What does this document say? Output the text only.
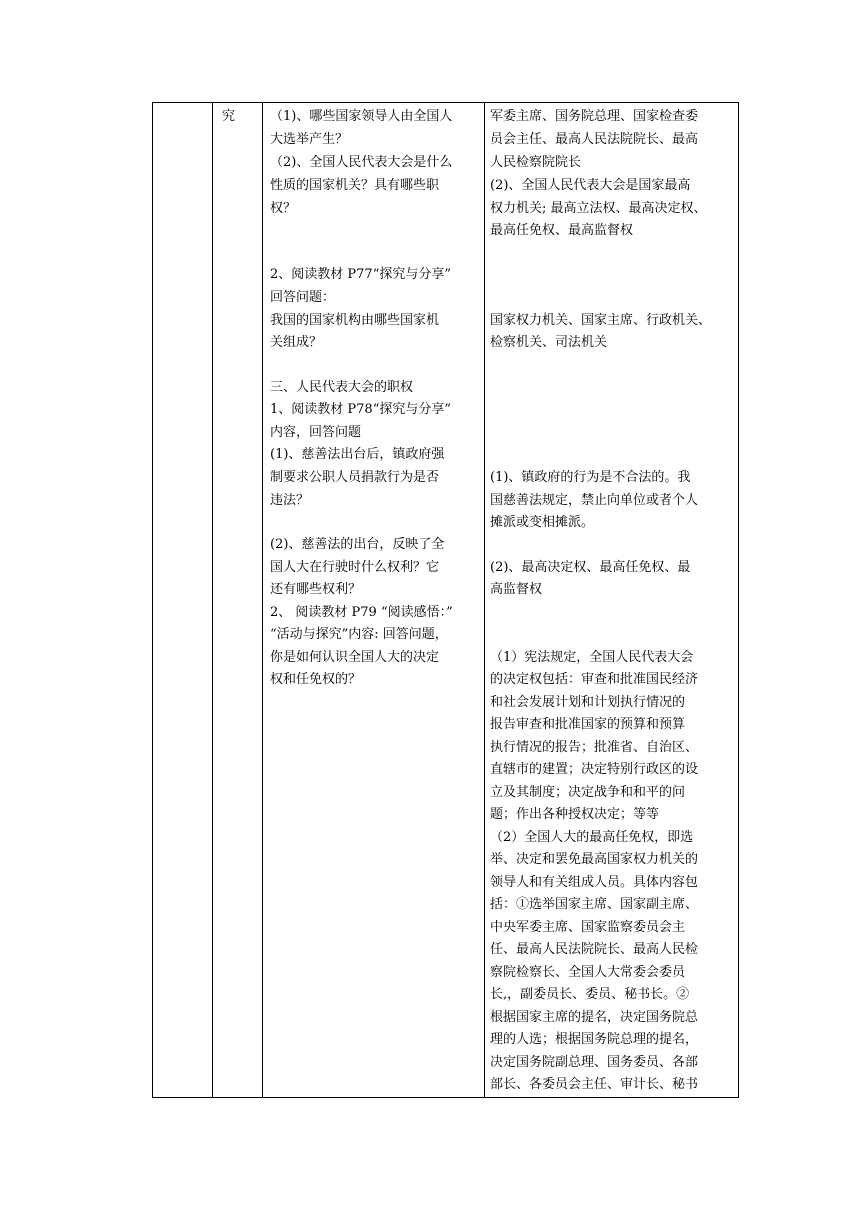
究	（1)、哪些国家领导人由全国人
大选举产生？
（2)、全国人民代表大会是什么
性质的国家机关？具有哪些职
权？
2、阅读教材 P77“探究与分享”
回答问题：
我国的国家机构由哪些国家机
关组成？
三、人民代表大会的职权
1、阅读教材 P78“探究与分享”
内容，回答问题
(1)、慈善法出台后，镇政府强
制要求公职人员捐款行为是否
违法？
(2)、慈善法的出台，反映了全
国人大在行驶时什么权利？它
还有哪些权利？
2、 阅读教材 P79 “阅读感悟：”
“活动与探究”内容: 回答问题，
你是如何认识全国人大的决定
权和任免权的？
军委主席、国务院总理、国家检查委
员会主任、最高人民法院院长、最高
人民检察院院长
(2)、全国人民代表大会是国家最高
权力机关; 最高立法权、最高决定权、
最高任免权、最高监督权
国家权力机关、国家主席、行政机关、
检察机关、司法机关
(1)、镇政府的行为是不合法的。我
国慈善法规定，禁止向单位或者个人
摊派或变相摊派。
(2)、最高决定权、最高任免权、最
高监督权
（1）宪法规定，全国人民代表大会
的决定权包括：审查和批准国民经济
和社会发展计划和计划执行情况的
报告审查和批准国家的预算和预算
执行情况的报告；批准省、自治区、
直辖市的建置；决定特别行政区的设
立及其制度；决定战争和和平的问
题；作出各种授权决定；等等
（2）全国人大的最高任免权，即选
举、决定和罢免最高国家权力机关的
领导人和有关组成人员。具体内容包
括：①选举国家主席、国家副主席、
中央军委主席、国家监察委员会主
任、最高人民法院院长、最高人民检
察院检察长、全国人大常委会委员
长,，副委员长、委员、秘书长。②
根据国家主席的提名，决定国务院总
理的人选；根据国务院总理的提名，
决定国务院副总理、国务委员、各部
部长、各委员会主任、审计长、秘书
